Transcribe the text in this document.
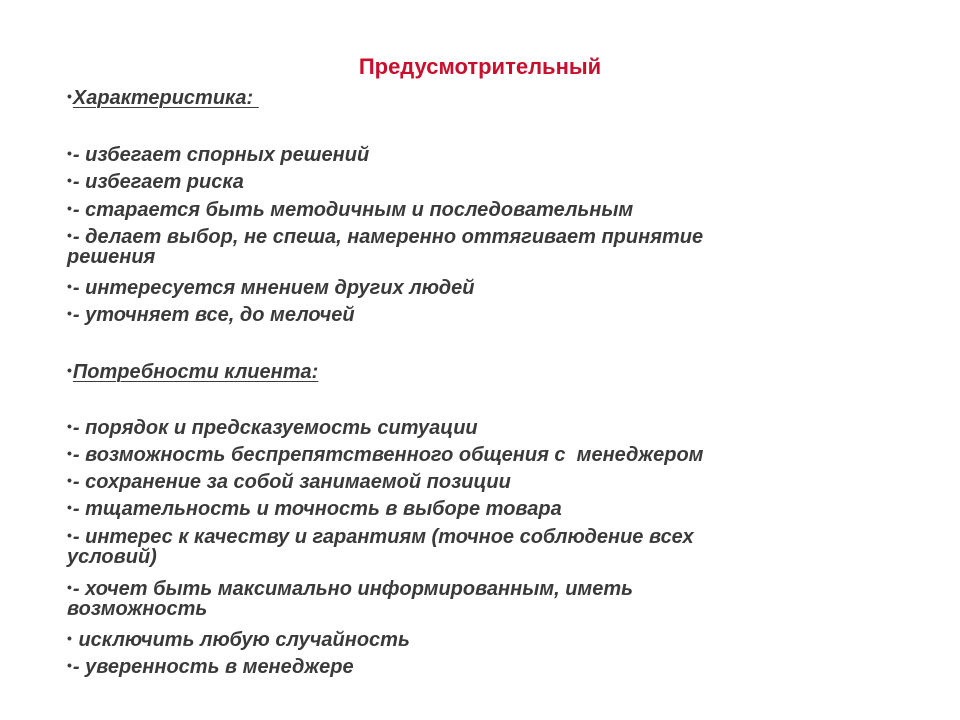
Предусмотрительный
•Характеристика:
•- избегает спорных решений
•- избегает риска
•- старается быть методичным и последовательным
•- делает выбор, не спеша, намеренно оттягивает принятие
решения
•- интересуется мнением других людей
•- уточняет все, до мелочей
•Потребности клиента:
•- порядок и предсказуемость ситуации
•- возможность беспрепятственного общения с  менеджером
•- сохранение за собой занимаемой позиции
•- тщательность и точность в выборе товара
•- интерес к качеству и гарантиям (точное соблюдение всех
условий)
•- хочет быть максимально информированным, иметь
возможность
• исключить любую случайность
•- уверенность в менеджере
